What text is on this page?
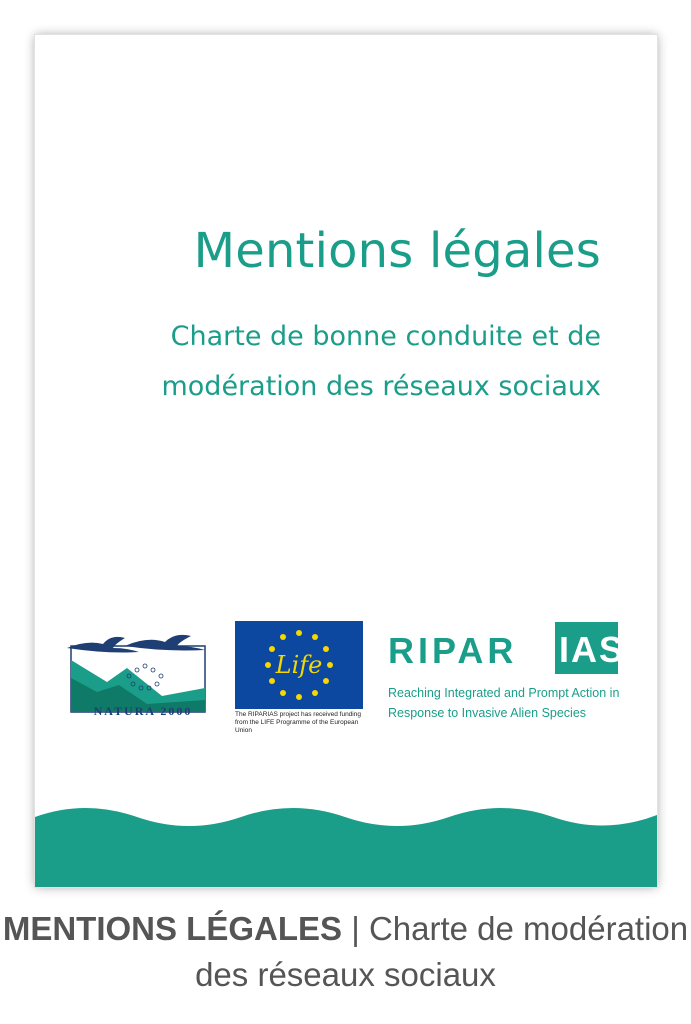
Mentions légales
Charte de bonne conduite et de modération des réseaux sociaux
NATURA 2000
Life
The RIPARIAS project has received funding from the LIFE Programme of the European Union
RIPAR IAS
Reaching Integrated and Prompt Action in Response to Invasive Alien Species
MENTIONS LÉGALES | Charte de modération des réseaux sociaux
